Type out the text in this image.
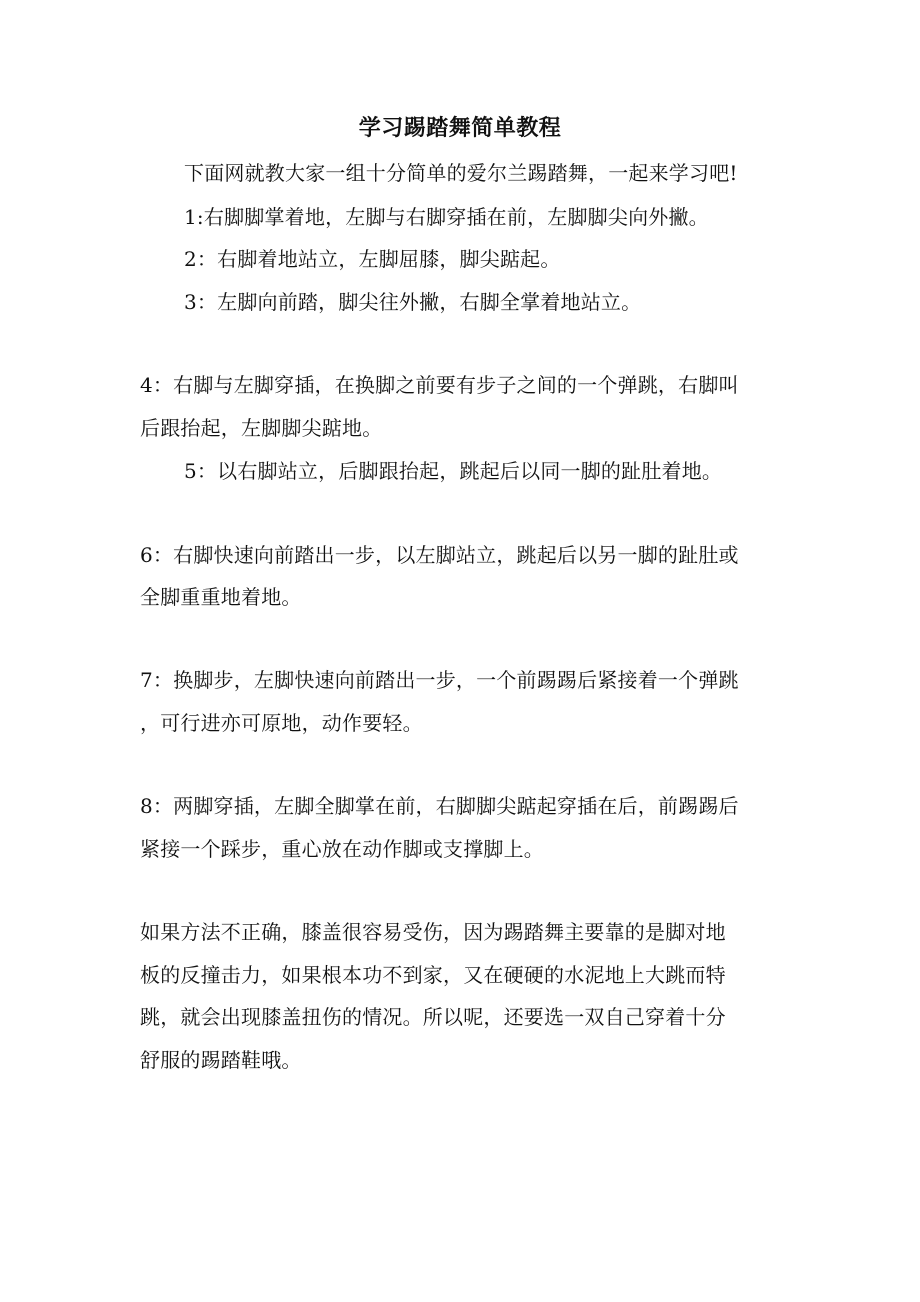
学习踢踏舞简单教程
下面网就教大家一组十分简单的爱尔兰踢踏舞，一起来学习吧!
1:右脚脚掌着地，左脚与右脚穿插在前，左脚脚尖向外撇。
2：右脚着地站立，左脚屈膝，脚尖踮起。
3：左脚向前踏，脚尖往外撇，右脚全掌着地站立。
4：右脚与左脚穿插，在换脚之前要有步子之间的一个弹跳，右脚叫
后跟抬起，左脚脚尖踮地。
5：以右脚站立，后脚跟抬起，跳起后以同一脚的趾肚着地。
6：右脚快速向前踏出一步，以左脚站立，跳起后以另一脚的趾肚或
全脚重重地着地。
7：换脚步，左脚快速向前踏出一步，一个前踢踢后紧接着一个弹跳
，可行进亦可原地，动作要轻。
8：两脚穿插，左脚全脚掌在前，右脚脚尖踮起穿插在后，前踢踢后
紧接一个踩步，重心放在动作脚或支撑脚上。
如果方法不正确，膝盖很容易受伤，因为踢踏舞主要靠的是脚对地
板的反撞击力，如果根本功不到家，又在硬硬的水泥地上大跳而特
跳，就会出现膝盖扭伤的情况。所以呢，还要选一双自己穿着十分
舒服的踢踏鞋哦。
